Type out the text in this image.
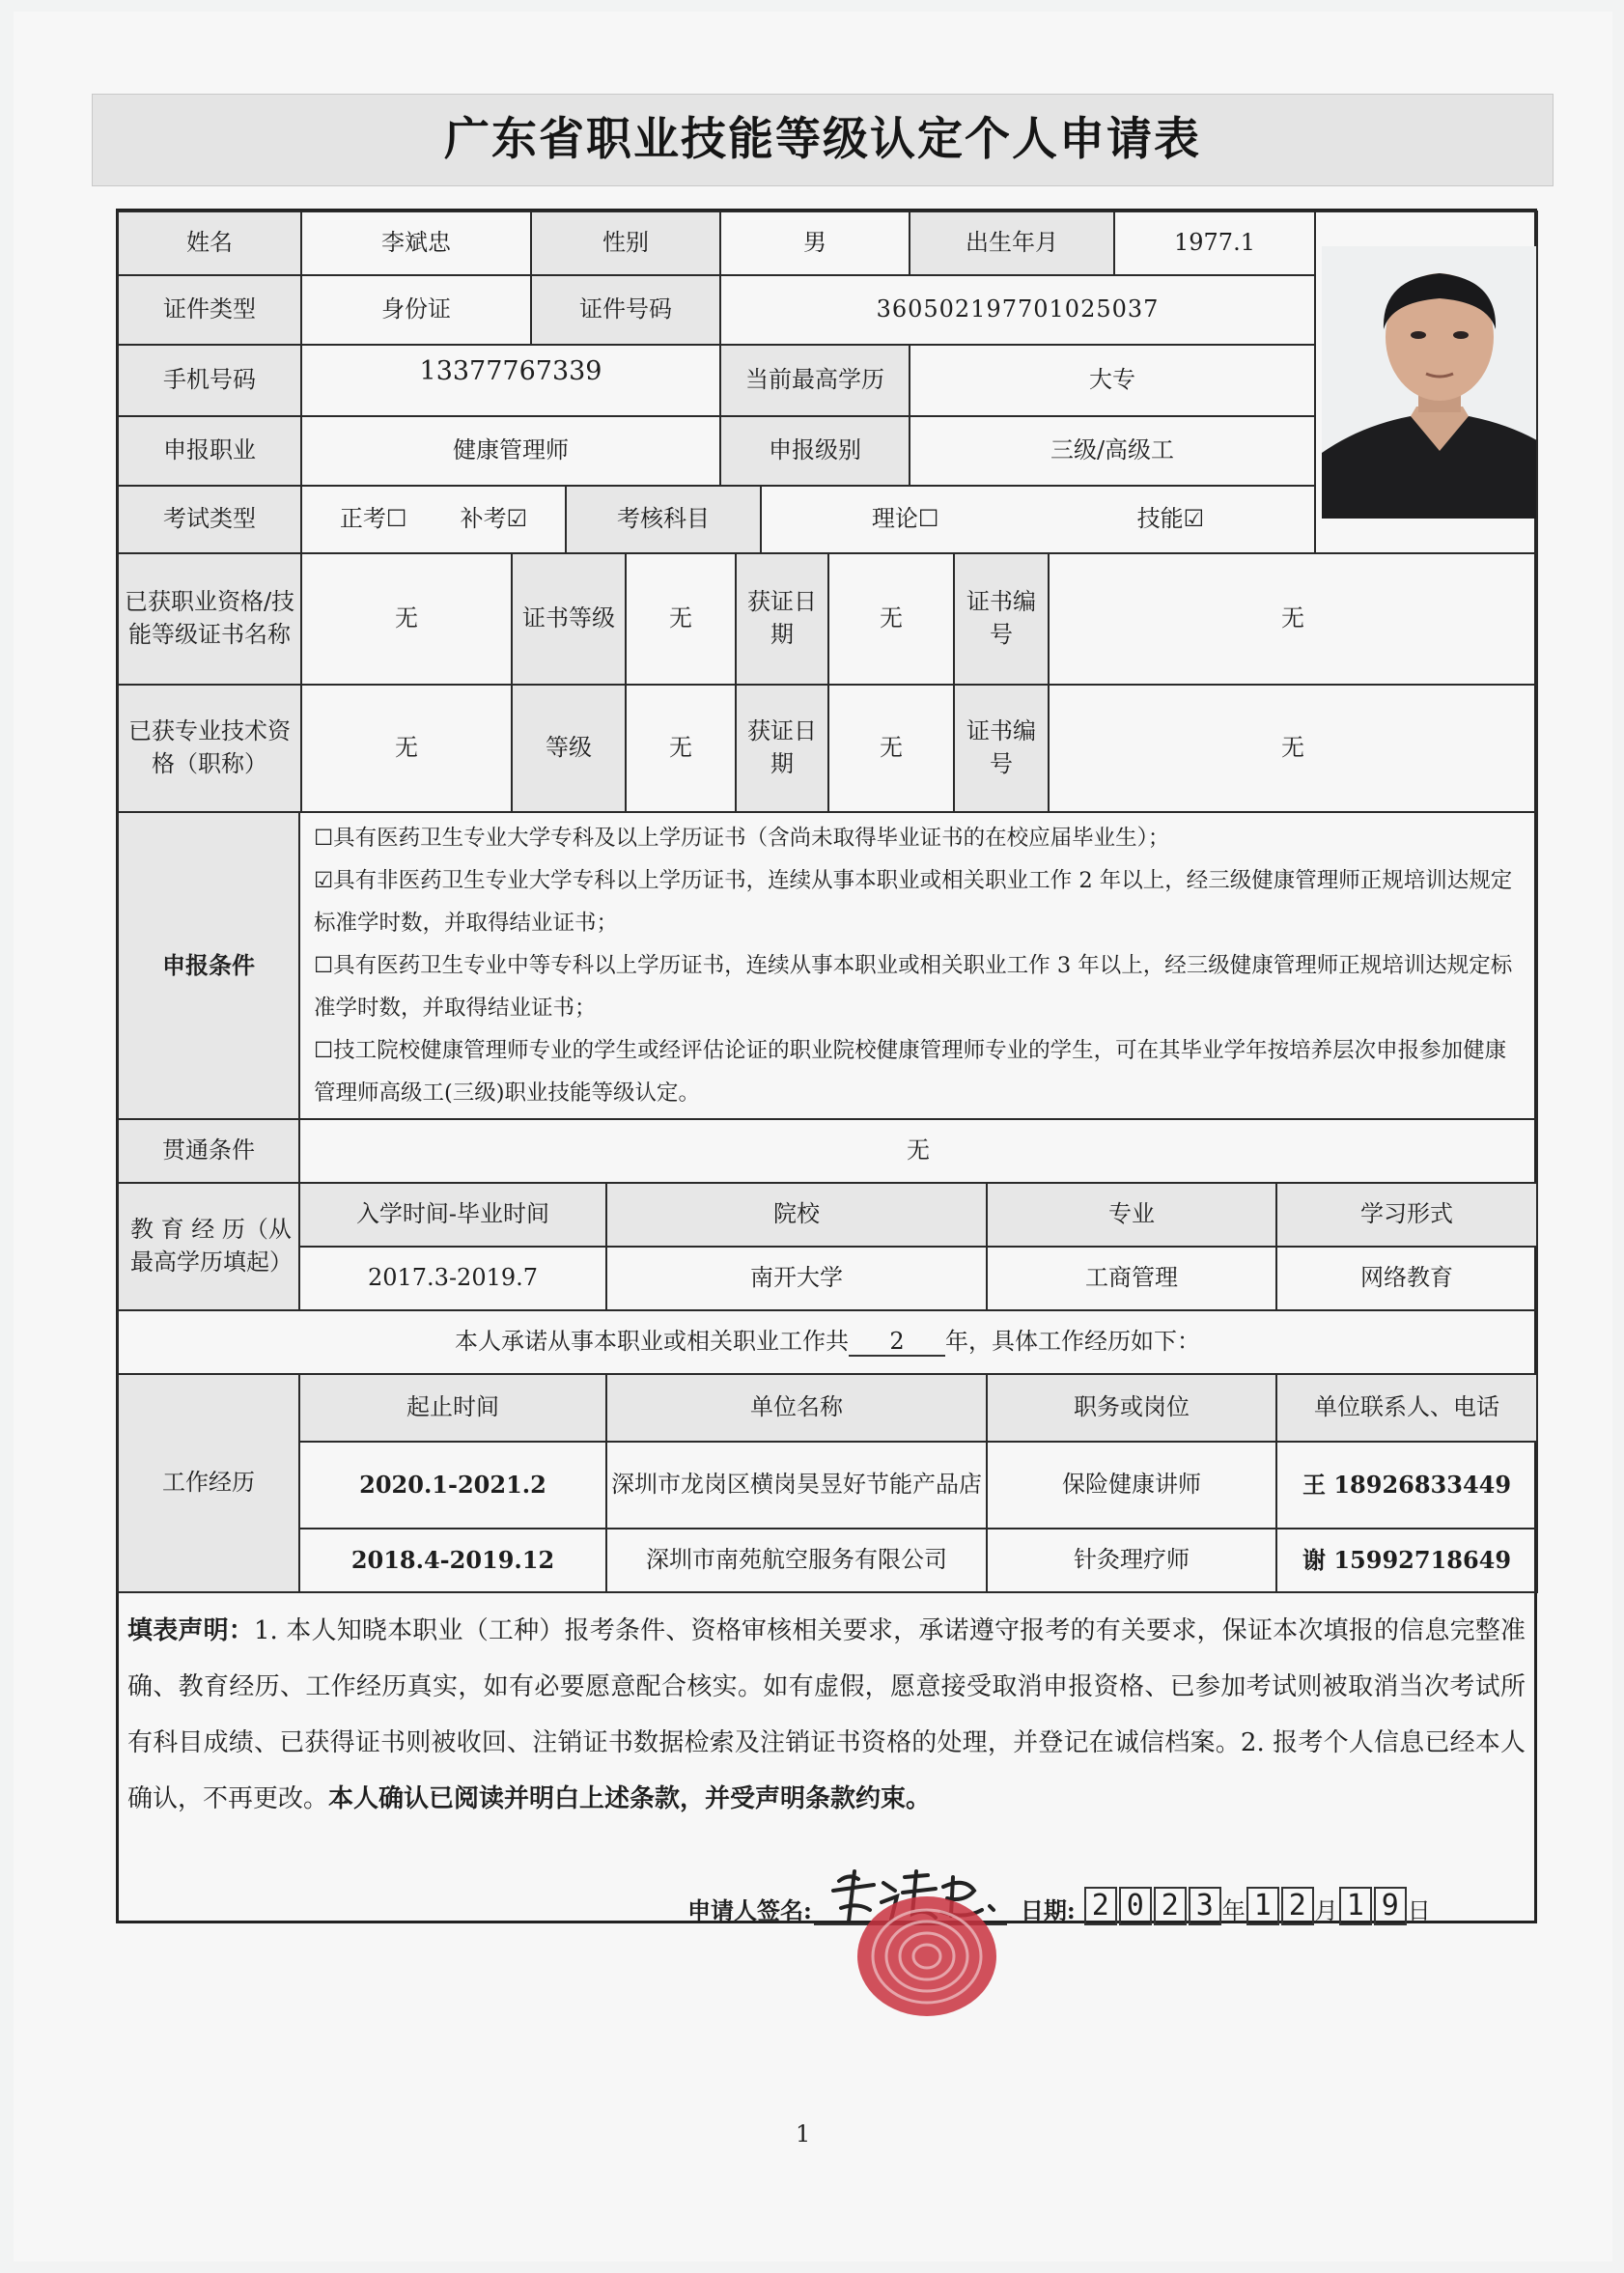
广东省职业技能等级认定个人申请表
姓名	李斌忠	性别		男		出生年月	1977.1	

证件类型	身份证	证件号码		360502197701025037				
手机号码	13377767339			当前最高学历		大专		
申报职业	健康管理师			申报级别		三级/高级工		
考试类型	正考☐ 补考☑		考核科目		理论☐ 技能☑			
已获职业资格/技能等级证书名称	无	证书等级	无	获证日期	无	证书编号	无
已获专业技术资格（职称）	无	等级	无	获证日期	无	证书编号	无
申报条件	☐具有医药卫生专业大学专科及以上学历证书（含尚未取得毕业证书的在校应届毕业生）；
☑具有非医药卫生专业大学专科以上学历证书，连续从事本职业或相关职业工作 2 年以上，经三级健康管理师正规培训达规定标准学时数，并取得结业证书；
☐具有医药卫生专业中等专科以上学历证书，连续从事本职业或相关职业工作 3 年以上，经三级健康管理师正规培训达规定标准学时数，并取得结业证书；
☐技工院校健康管理师专业的学生或经评估论证的职业院校健康管理师专业的学生，可在其毕业学年按培养层次申报参加健康管理师高级工(三级)职业技能等级认定。			

贯通条件	无			
教 育 经 历（从最高学历填起）	入学时间-毕业时间	院校	专业	学习形式
	2017.3-2019.7	南开大学	工商管理	网络教育
本人承诺从事本职业或相关职业工作共 2 年，具体工作经历如下：				
工作经历	起止时间	单位名称	职务或岗位	单位联系人、电话
	2020.1-2021.2	深圳市龙岗区横岗昊昱好节能产品店	保险健康讲师	王 18926833449
	2018.4-2019.12	深圳市南苑航空服务有限公司	针灸理疗师	谢 15992718649
填表声明：1. 本人知晓本职业（工种）报考条件、资格审核相关要求，承诺遵守报考的有关要求，保证本次填报的信息完整准确、教育经历、工作经历真实，如有必要愿意配合核实。如有虚假，愿意接受取消申报资格、已参加考试则被取消当次考试所有科目成绩、已获得证书则被收回、注销证书数据检索及注销证书资格的处理，并登记在诚信档案。2. 报考个人信息已经本人确认，不再更改。本人确认已阅读并明白上述条款，并受声明条款约束。
申请人签名:	日期: 2 0 2 3 年 1 2 月 1 9 日
1
